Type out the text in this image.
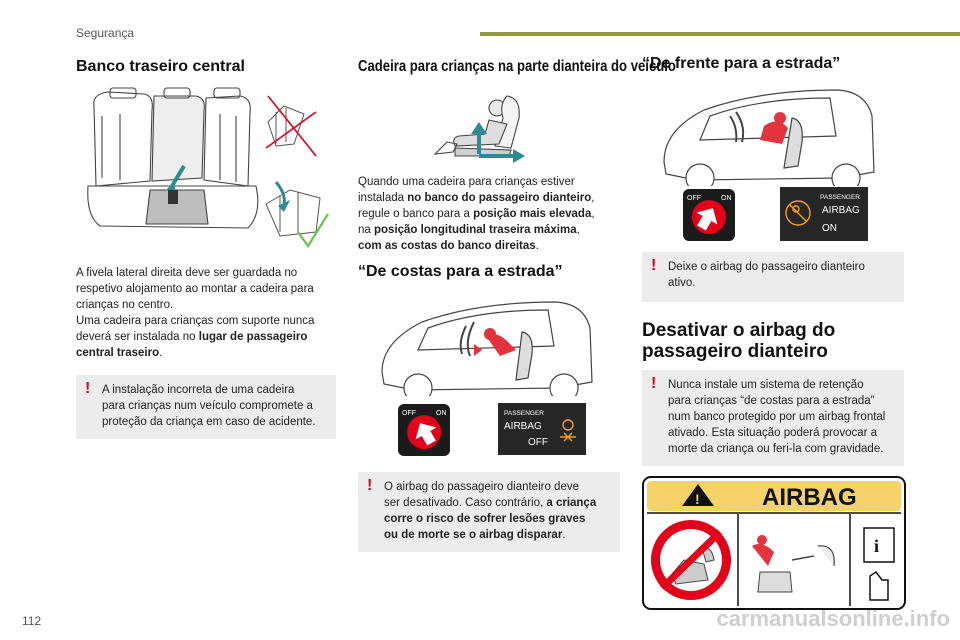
Segurança
Banco traseiro central
A fivela lateral direita deve ser guardada no
respetivo alojamento ao montar a cadeira para
crianças no centro.
Uma cadeira para crianças com suporte nunca
deverá ser instalada no lugar de passageiro
central traseiro.
! A instalação incorreta de uma cadeira
para crianças num veículo compromete a
proteção da criança em caso de acidente.
Cadeira para crianças na parte dianteira do veículo
Quando uma cadeira para crianças estiver
instalada no banco do passageiro dianteiro,
regule o banco para a posição mais elevada,
na posição longitudinal traseira máxima,
com as costas do banco direitas.
“De costas para a estrada”
OFF	ON	PASSENGER
AIRBAG
OFF
! O airbag do passageiro dianteiro deve
ser desativado. Caso contrário, a criança
corre o risco de sofrer lesões graves
ou de morte se o airbag disparar.
“De frente para a estrada”
OFF	ON	PASSENGER
AIRBAG
ON
! Deixe o airbag do passageiro dianteiro
ativo.
Desativar o airbag do
passageiro dianteiro
! Nunca instale um sistema de retenção
para crianças “de costas para a estrada”
num banco protegido por um airbag frontal
ativado. Esta situação poderá provocar a
morte da criança ou feri-la com gravidade.
!	AIRBAG
i
112	carmanualsonline.info
